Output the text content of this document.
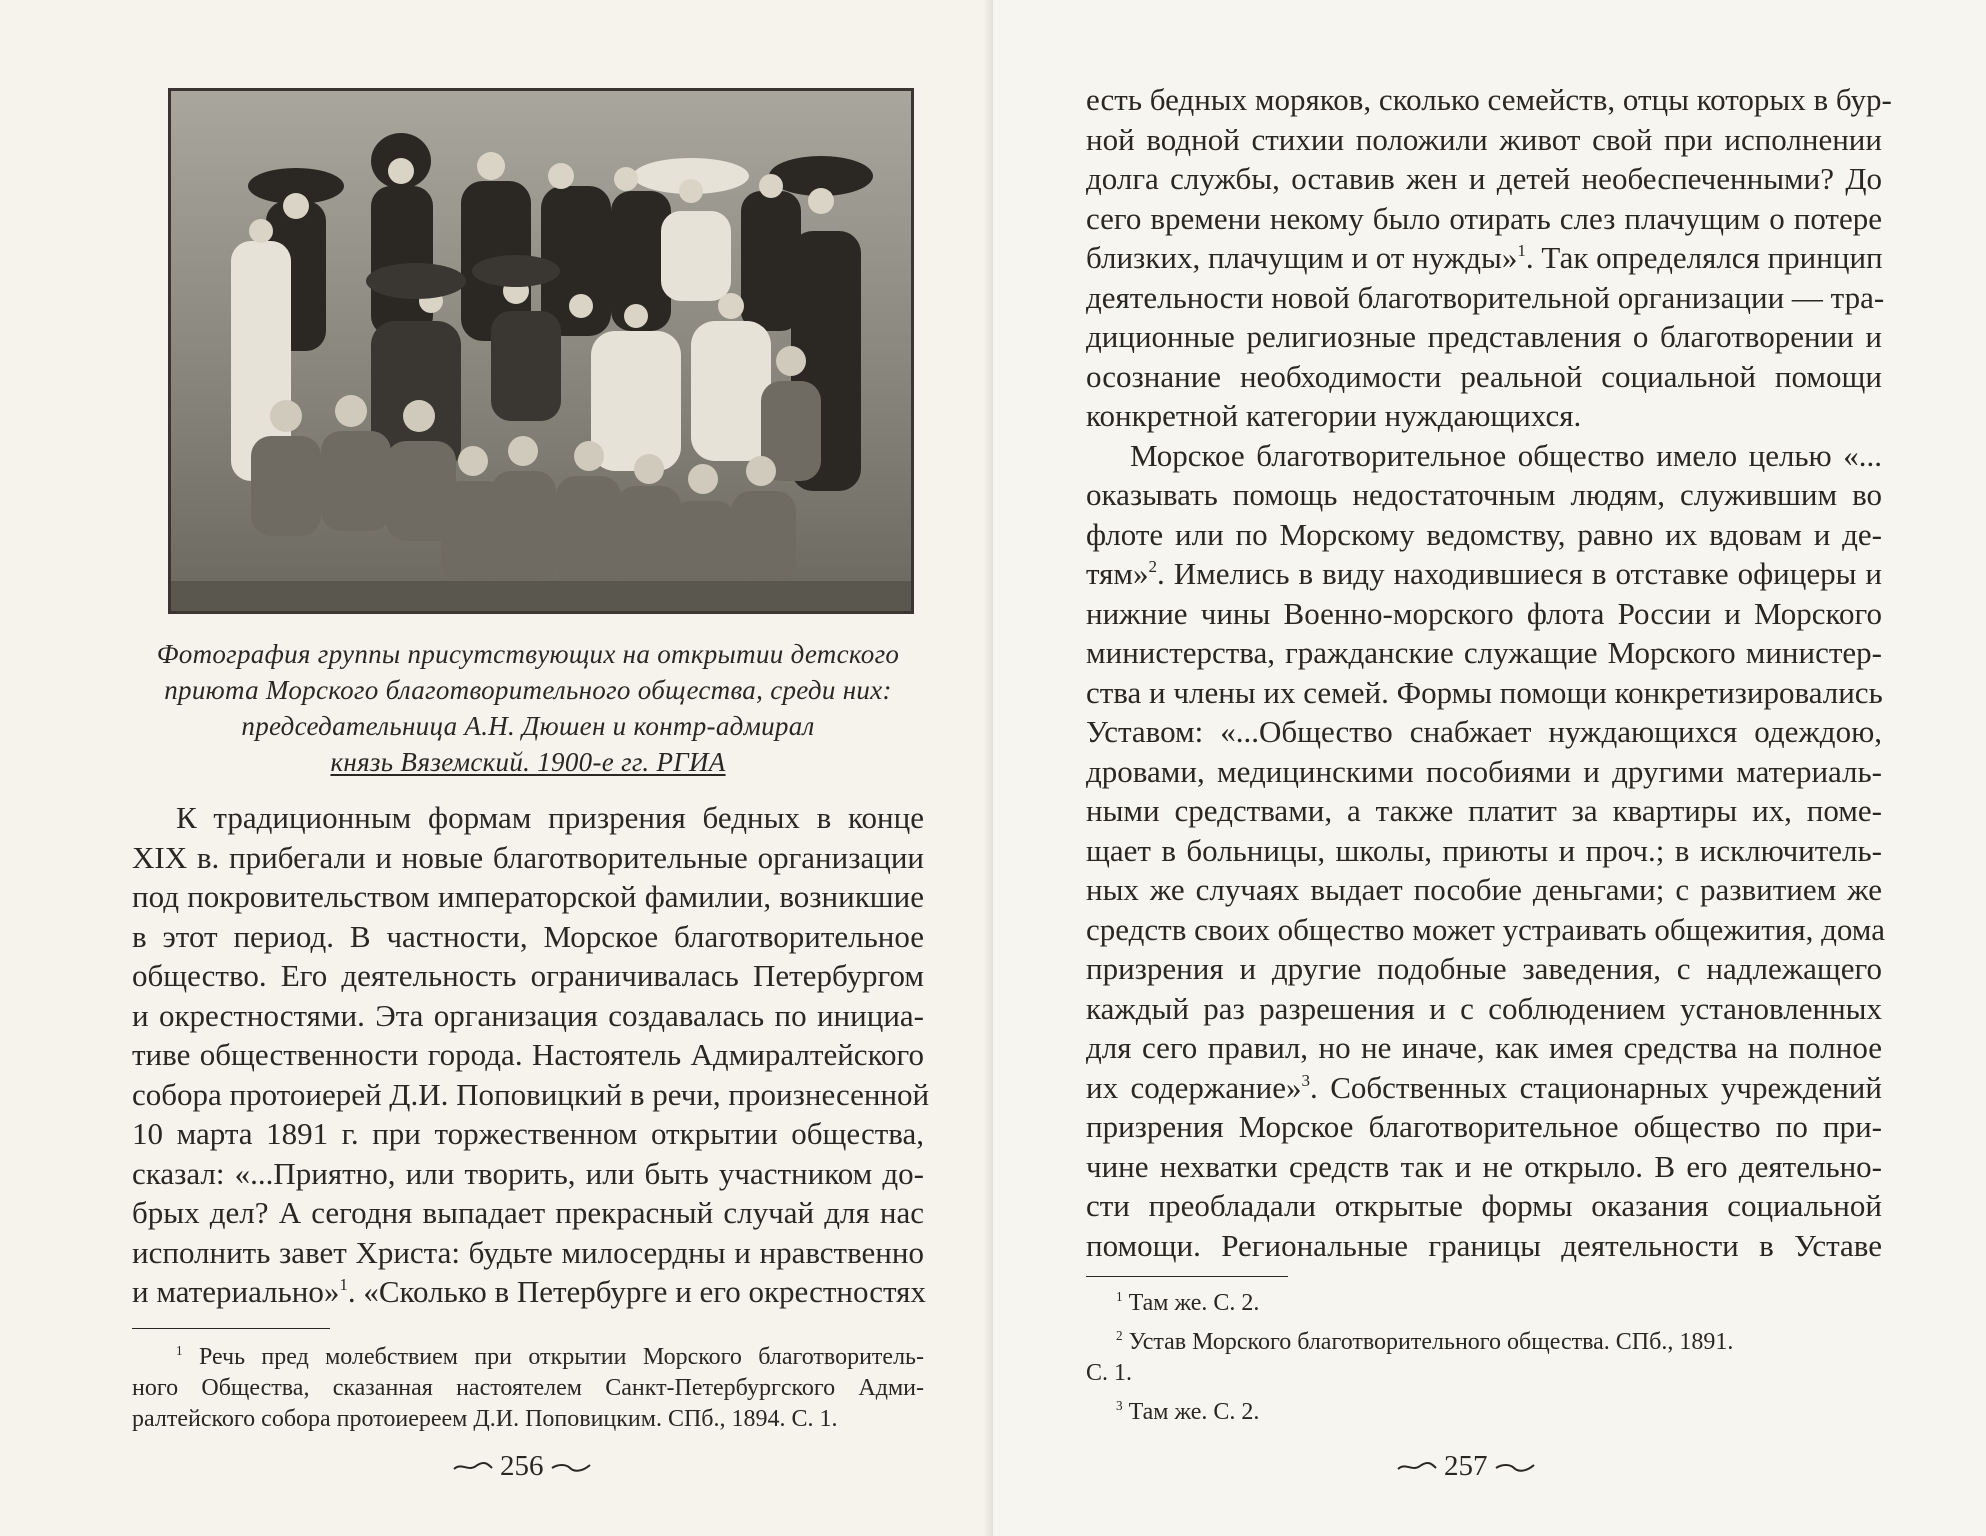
Фотография группы присутствующих на открытии детского
приюта Морского благотворительного общества, среди них:
председательница А.Н. Дюшен и контр-адмирал
князь Вяземский. 1900-е гг. РГИА
К традиционным формам призрения бедных в конце
XIX в. прибегали и новые благотворительные организации
под покровительством императорской фамилии, возникшие
в этот период. В частности, Морское благотворительное
общество. Его деятельность ограничивалась Петербургом
и окрестностями. Эта организация создавалась по инициа-
тиве общественности города. Настоятель Адмиралтейского
собора протоиерей Д.И. Поповицкий в речи, произнесенной
10 марта 1891 г. при торжественном открытии общества,
сказал: «...Приятно, или творить, или быть участником до-
брых дел? А сегодня выпадает прекрасный случай для нас
исполнить завет Христа: будьте милосердны и нравственно
и материально»$^1$. «Сколько в Петербурге и его окрестностях
$^1$ Речь пред молебствием при открытии Морского благотворитель-
ного Общества, сказанная настоятелем Санкт-Петербургского Адми-
ралтейского собора протоиереем Д.И. Поповицким. СПб., 1894. С. 1.
256
есть бедных моряков, сколько семейств, отцы которых в бур-
ной водной стихии положили живот свой при исполнении
долга службы, оставив жен и детей необеспеченными? До
сего времени некому было отирать слез плачущим о потере
близких, плачущим и от нужды»$^1$. Так определялся принцип
деятельности новой благотворительной организации — тра-
диционные религиозные представления о благотворении и
осознание необходимости реальной социальной помощи
конкретной категории нуждающихся.
Морское благотворительное общество имело целью «...
оказывать помощь недостаточным людям, служившим во
флоте или по Морскому ведомству, равно их вдовам и де-
тям»$^2$. Имелись в виду находившиеся в отставке офицеры и
нижние чины Военно-морского флота России и Морского
министерства, гражданские служащие Морского министер-
ства и члены их семей. Формы помощи конкретизировались
Уставом: «...Общество снабжает нуждающихся одеждою,
дровами, медицинскими пособиями и другими материаль-
ными средствами, а также платит за квартиры их, поме-
щает в больницы, школы, приюты и проч.; в исключитель-
ных же случаях выдает пособие деньгами; с развитием же
средств своих общество может устраивать общежития, дома
призрения и другие подобные заведения, с надлежащего
каждый раз разрешения и с соблюдением установленных
для сего правил, но не иначе, как имея средства на полное
их содержание»$^3$. Собственных стационарных учреждений
призрения Морское благотворительное общество по при-
чине нехватки средств так и не открыло. В его деятельно-
сти преобладали открытые формы оказания социальной
помощи. Региональные границы деятельности в Уставе
$^1$ Там же. С. 2.
$^2$ Устав Морского благотворительного общества. СПб., 1891.
С. 1.
$^3$ Там же. С. 2.
257
